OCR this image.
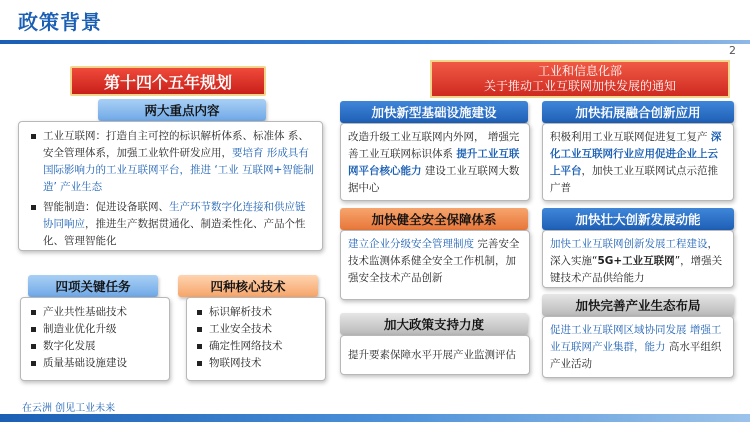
政策背景
2
第十四个五年规划
两大重点内容
工业互联网：打造自主可控的标识解析体系、标准体 系、安全管理体系，加强工业软件研发应用，要培育 形成具有国际影响力的工业互联网平台，推进 ‘工业 互联网+智能制造’ 产业生态
智能制造：促进设备联网、生产环节数字化连接和供应链协同响应，推进生产数据贯通化、制造柔性化、产品个性化、管理智能化
四项关键任务
产业共性基础技术
制造业优化升级
数字化发展
质量基础设施建设
四种核心技术
标识解析技术
工业安全技术
确定性网络技术
物联网技术
工业和信息化部
关于推动工业互联网加快发展的通知
加快新型基础设施建设
改造升级工业互联网内外网， 增强完善工业互联网标识体系 提升工业互联网平台核心能力 建设工业互联网大数据中心
加快拓展融合创新应用
积极利用工业互联网促进复工复产 深化工业互联网行业应用促进企业上云上平台，加快工业互联网试点示范推广普
加快健全安全保障体系
建立企业分级安全管理制度 完善安全技术监测体系健全安全工作机制，加强安全技术产品创新
加快壮大创新发展动能
加快工业互联网创新发展工程建设，深入实施“5G+工业互联网”，增强关键技术产品供给能力
加大政策支持力度
提升要素保障水平开展产业监测评估
加快完善产业生态布局
促进工业互联网区域协同发展 增强工业互联网产业集群，能力 高水平组织产业活动
在云洲 创见工业未来
